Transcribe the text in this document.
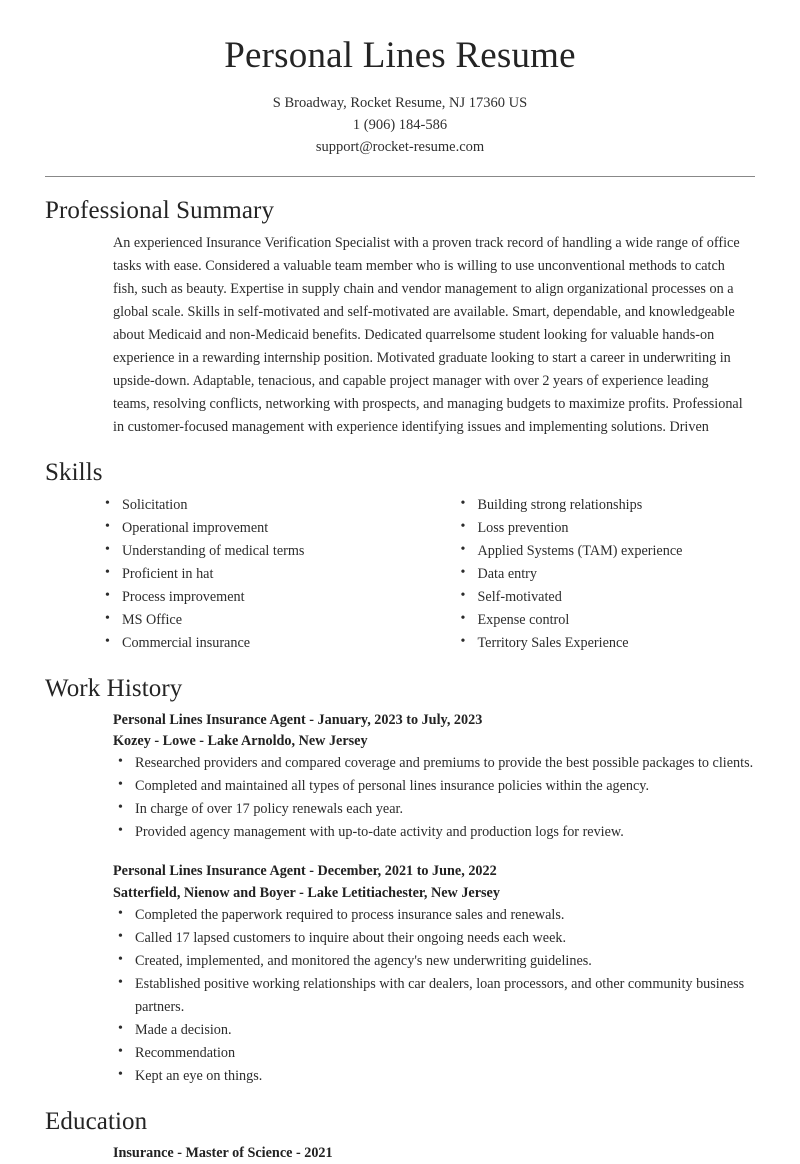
Personal Lines Resume
S Broadway, Rocket Resume, NJ 17360 US
1 (906) 184-586
support@rocket-resume.com
Professional Summary

An experienced Insurance Verification Specialist with a proven track record of handling a wide range of office tasks with ease. Considered a valuable team member who is willing to use unconventional methods to catch fish, such as beauty. Expertise in supply chain and vendor management to align organizational processes on a global scale. Skills in self-motivated and self-motivated are available. Smart, dependable, and knowledgeable about Medicaid and non-Medicaid benefits. Dedicated quarrelsome student looking for valuable hands-on experience in a rewarding internship position. Motivated graduate looking to start a career in underwriting in upside-down. Adaptable, tenacious, and capable project manager with over 2 years of experience leading teams, resolving conflicts, networking with prospects, and managing budgets to maximize profits. Professional in customer-focused management with experience identifying issues and implementing solutions. Driven

Skills
• Solicitation
• Operational improvement
• Understanding of medical terms
• Proficient in hat
• Process improvement
• MS Office
• Commercial insurance
• Building strong relationships
• Loss prevention
• Applied Systems (TAM) experience
• Data entry
• Self-motivated
• Expense control
• Territory Sales Experience
Work History
Personal Lines Insurance Agent - January, 2023 to July, 2023
Kozey - Lowe - Lake Arnoldo, New Jersey
• Researched providers and compared coverage and premiums to provide the best possible packages to clients.
• Completed and maintained all types of personal lines insurance policies within the agency.
• In charge of over 17 policy renewals each year.
• Provided agency management with up-to-date activity and production logs for review.
Personal Lines Insurance Agent - December, 2021 to June, 2022
Satterfield, Nienow and Boyer - Lake Letitiachester, New Jersey
• Completed the paperwork required to process insurance sales and renewals.
• Called 17 lapsed customers to inquire about their ongoing needs each week.
• Created, implemented, and monitored the agency's new underwriting guidelines.
• Established positive working relationships with car dealers, loan processors, and other community business partners.
• Made a decision.
• Recommendation
• Kept an eye on things.
Education
Insurance - Master of Science - 2021
